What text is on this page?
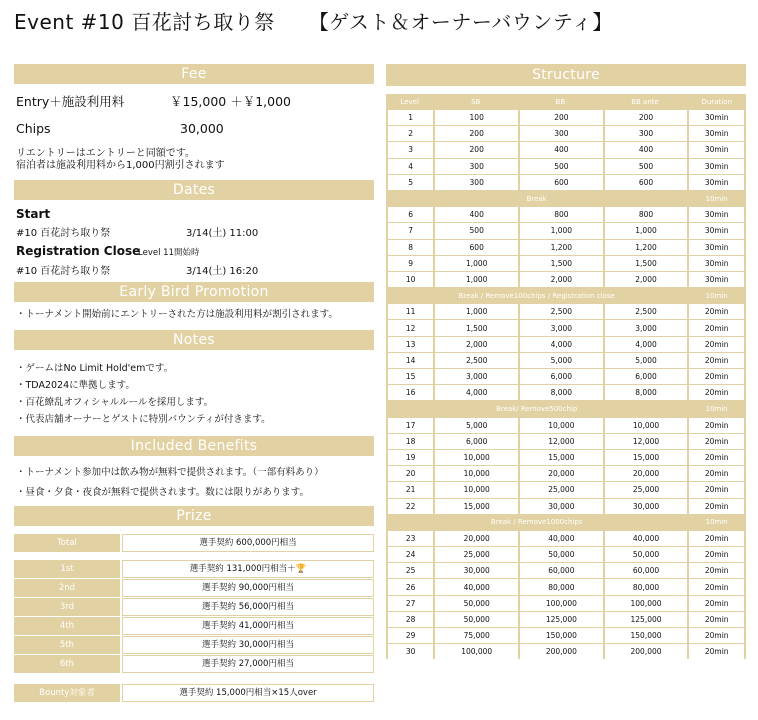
Event #10 百花討ち取り祭 【ゲスト＆オーナーバウンティ】
Fee
Entry＋施設利用料	￥15,000 ＋￥1,000
Chips	30,000
リエントリーはエントリーと同額です。
宿泊者は施設利用料から1,000円割引されます
Dates
Start
#10 百花討ち取り祭	3/14(土) 11:00
Registration Close
Level 11開始時
#10 百花討ち取り祭	3/14(土) 16:20
Early Bird Promotion
・トーナメント開始前にエントリーされた方は施設利用料が割引されます。
Notes
・ゲームはNo Limit Hold'emです。
・TDA2024に準拠します。
・百花繚乱オフィシャルルールを採用します。
・代表店舗オーナーとゲストに特別バウンティが付きます。
Included Benefits
・トーナメント参加中は飲み物が無料で提供されます。（一部有料あり）
・昼食・夕食・夜食が無料で提供されます。数には限りがあります。
Prize
Total	選手契約 600,000円相当
1st	選手契約 131,000円相当＋🏆
2nd	選手契約 90,000円相当
3rd	選手契約 56,000円相当
4th	選手契約 41,000円相当
5th	選手契約 30,000円相当
6th	選手契約 27,000円相当
Bounty対象者	選手契約 15,000円相当×15人over
Structure
Level	SB	BB	BB ante	Duration
1	100	200	200	30min
2	200	300	300	30min
3	200	400	400	30min
4	300	500	500	30min
5	300	600	600	30min
Break				10min
6	400	800	800	30min
7	500	1,000	1,000	30min
8	600	1,200	1,200	30min
9	1,000	1,500	1,500	30min
10	1,000	2,000	2,000	30min
Break / Remove100chips / Registration close				10min
11	1,000	2,500	2,500	20min
12	1,500	3,000	3,000	20min
13	2,000	4,000	4,000	20min
14	2,500	5,000	5,000	20min
15	3,000	6,000	6,000	20min
16	4,000	8,000	8,000	20min
Break/ Remove500chip				10min
17	5,000	10,000	10,000	20min
18	6,000	12,000	12,000	20min
19	10,000	15,000	15,000	20min
20	10,000	20,000	20,000	20min
21	10,000	25,000	25,000	20min
22	15,000	30,000	30,000	20min
Break / Remove1000chips				10min
23	20,000	40,000	40,000	20min
24	25,000	50,000	50,000	20min
25	30,000	60,000	60,000	20min
26	40,000	80,000	80,000	20min
27	50,000	100,000	100,000	20min
28	50,000	125,000	125,000	20min
29	75,000	150,000	150,000	20min
30	100,000	200,000	200,000	20min
